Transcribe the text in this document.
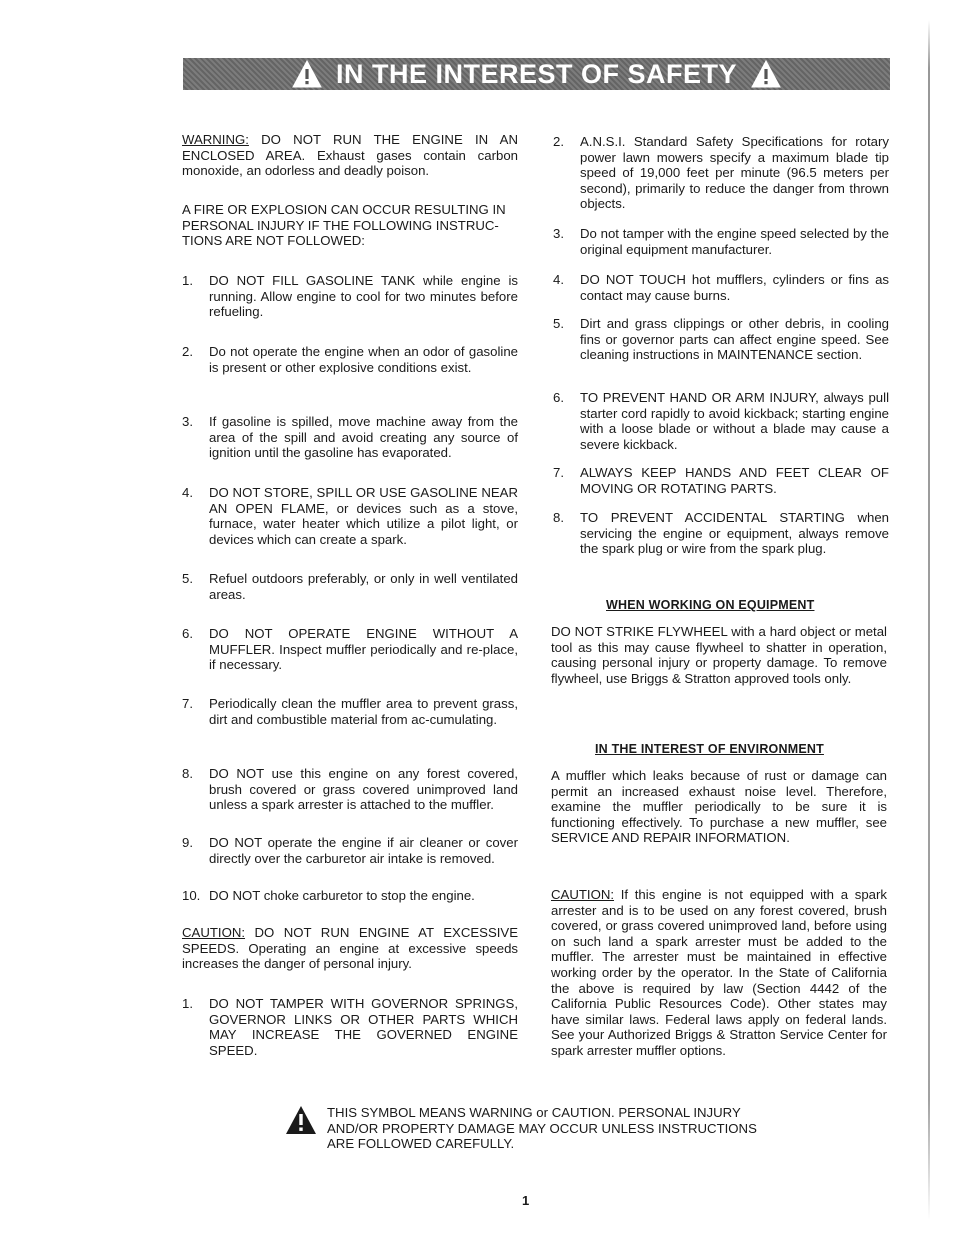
IN THE INTEREST OF SAFETY

WARNING: DO NOT RUN THE ENGINE IN AN ENCLOSED AREA. Exhaust gases contain carbon monoxide, an odorless and deadly poison.

A FIRE OR EXPLOSION CAN OCCUR RESULTING IN PERSONAL INJURY IF THE FOLLOWING INSTRUC-TIONS ARE NOT FOLLOWED:

1.	DO NOT FILL GASOLINE TANK while engine is running. Allow engine to cool for two minutes before refueling.
2.	Do not operate the engine when an odor of gasoline is present or other explosive conditions exist.
3.	If gasoline is spilled, move machine away from the area of the spill and avoid creating any source of ignition until the gasoline has evaporated.
4.	DO NOT STORE, SPILL OR USE GASOLINE NEAR AN OPEN FLAME, or devices such as a stove, furnace, water heater which utilize a pilot light, or devices which can create a spark.
5.	Refuel outdoors preferably, or only in well ventilated areas.
6.	DO NOT OPERATE ENGINE WITHOUT A MUFFLER. Inspect muffler periodically and re-place, if necessary.
7.	Periodically clean the muffler area to prevent grass, dirt and combustible material from ac-cumulating.
8.	DO NOT use this engine on any forest covered, brush covered or grass covered unimproved land unless a spark arrester is attached to the muffler.
9.	DO NOT operate the engine if air cleaner or cover directly over the carburetor air intake is removed.
10. DO NOT choke carburetor to stop the engine.

CAUTION: DO NOT RUN ENGINE AT EXCESSIVE SPEEDS. Operating an engine at excessive speeds increases the danger of personal injury.

1.	DO NOT TAMPER WITH GOVERNOR SPRINGS, GOVERNOR LINKS OR OTHER PARTS WHICH MAY INCREASE THE GOVERNED ENGINE SPEED.
2.	A.N.S.I. Standard Safety Specifications for rotary power lawn mowers specify a maximum blade tip speed of 19,000 feet per minute (96.5 meters per second), primarily to reduce the danger from thrown objects.
3.	Do not tamper with the engine speed selected by the original equipment manufacturer.
4.	DO NOT TOUCH hot mufflers, cylinders or fins as contact may cause burns.
5.	Dirt and grass clippings or other debris, in cooling fins or governor parts can affect engine speed. See cleaning instructions in MAINTENANCE section.
6.	TO PREVENT HAND OR ARM INJURY, always pull starter cord rapidly to avoid kickback; starting engine with a loose blade or without a blade may cause a severe kickback.
7.	ALWAYS KEEP HANDS AND FEET CLEAR OF MOVING OR ROTATING PARTS.
8.	TO PREVENT ACCIDENTAL STARTING when servicing the engine or equipment, always remove the spark plug or wire from the spark plug.
WHEN WORKING ON EQUIPMENT

DO NOT STRIKE FLYWHEEL with a hard object or metal tool as this may cause flywheel to shatter in operation, causing personal injury or property damage. To remove flywheel, use Briggs & Stratton approved tools only.

IN THE INTEREST OF ENVIRONMENT

A muffler which leaks because of rust or damage can permit an increased exhaust noise level. Therefore, examine the muffler periodically to be sure it is functioning effectively. To purchase a new muffler, see SERVICE AND REPAIR INFORMATION.

CAUTION: If this engine is not equipped with a spark arrester and is to be used on any forest covered, brush covered, or grass covered unimproved land, before using on such land a spark arrester must be added to the muffler. The arrester must be maintained in effective working order by the operator. In the State of California the above is required by law (Section 4442 of the California Public Resources Code). Other states may have similar laws. Federal laws apply on federal lands. See your Authorized Briggs & Stratton Service Center for spark arrester muffler options.

THIS SYMBOL MEANS WARNING or CAUTION. PERSONAL INJURY AND/OR PROPERTY DAMAGE MAY OCCUR UNLESS INSTRUCTIONS ARE FOLLOWED CAREFULLY.
1
